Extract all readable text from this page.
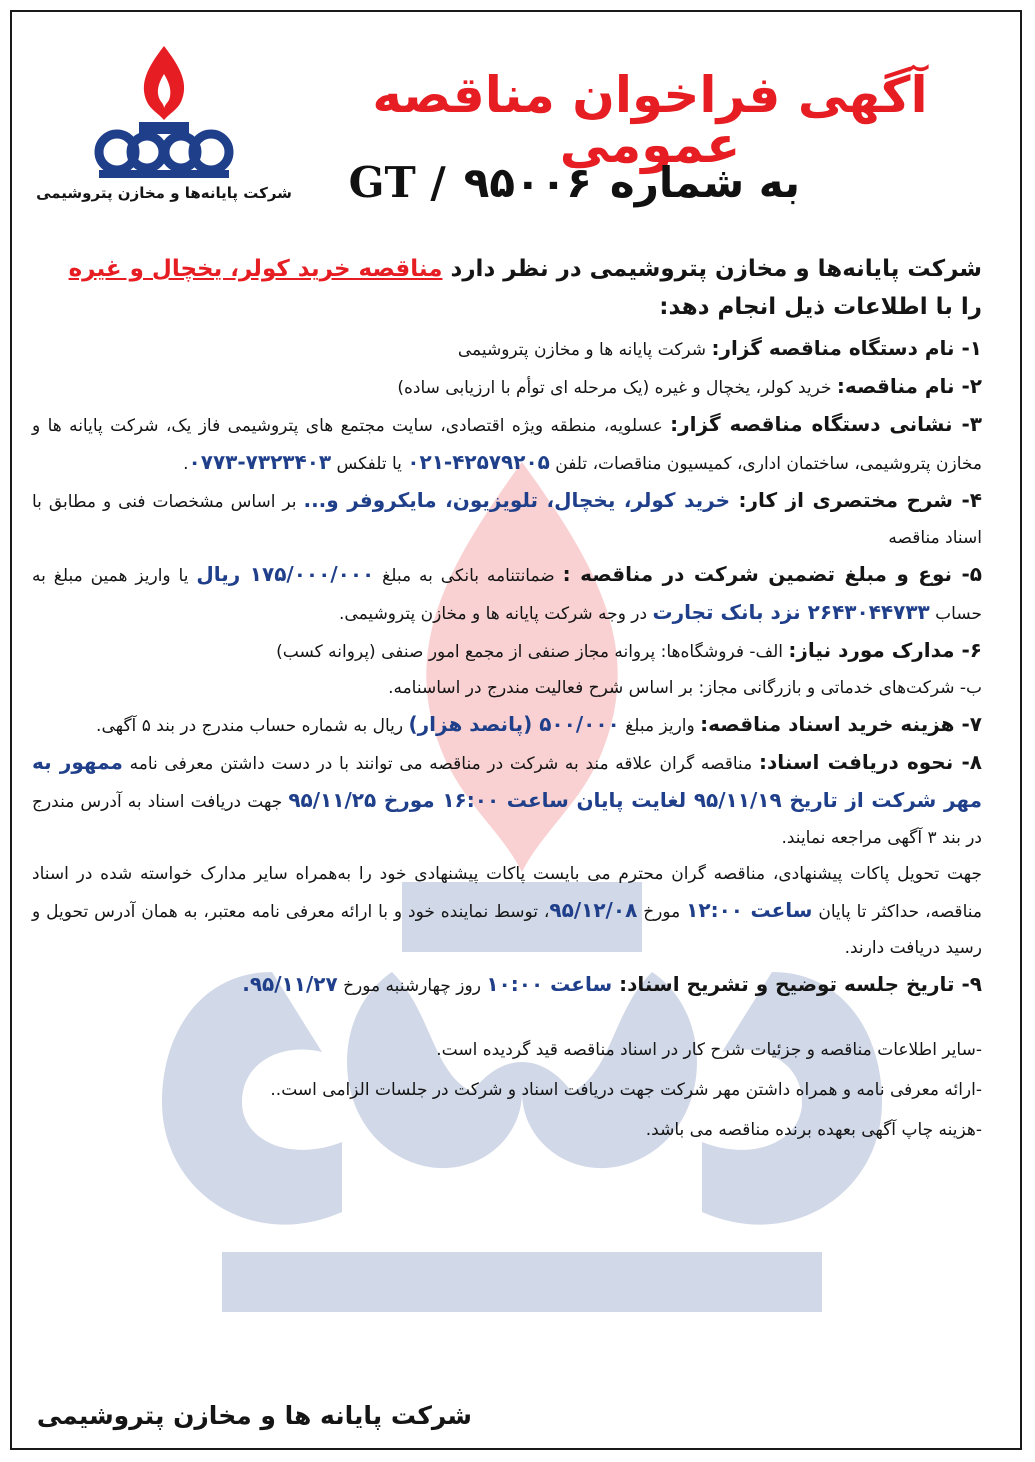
شرکت پایانه‌ها و مخازن پتروشیمی
آگهی فراخوان مناقصه عمومی
به شماره۹۵۰۰۶GT /

شرکت پایانه‌ها و مخازن پتروشیمی در نظر دارد مناقصه خرید کولر، یخچال و غیره
را با اطلاعات ذیل انجام دهد:

۱- نام دستگاه مناقصه گزار: شرکت پایانه ها و مخازن پتروشیمی

۲- نام مناقصه: خرید کولر، یخچال و غیره (یک مرحله ای توأم با ارزیابی ساده)

۳- نشانی دستگاه مناقصه گزار: عسلویه، منطقه ویژه اقتصادی، سایت مجتمع های پتروشیمی فاز یک، شرکت پایانه ها و مخازن پتروشیمی، ساختمان اداری، کمیسیون مناقصات، تلفن ۰۲۱-۴۲۵۷۹۲۰۵ یا تلفکس ۰۷۷۳-۷۳۲۳۴۰۳.

۴- شرح مختصری از کار: خرید کولر، یخچال، تلویزیون، مایکروفر و... بر اساس مشخصات فنی و مطابق با اسناد مناقصه

۵- نوع و مبلغ تضمین شرکت در مناقصه : ضمانتنامه بانکی به مبلغ ۱۷۵/۰۰۰/۰۰۰ ریال یا واریز همین مبلغ به حساب ۲۶۴۳۰۴۴۷۳۳ نزد بانک تجارت در وجه شرکت پایانه ها و مخازن پتروشیمی.

۶- مدارک مورد نیاز: الف- فروشگاه‌ها: پروانه مجاز صنفی از مجمع امور صنفی (پروانه کسب)
ب- شرکت‌های خدماتی و بازرگانی مجاز: بر اساس شرح فعالیت مندرج در اساسنامه.

۷- هزینه خرید اسناد مناقصه: واریز مبلغ ۵۰۰/۰۰۰ (پانصد هزار) ریال به شماره حساب مندرج در بند ۵ آگهی.

۸- نحوه دریافت اسناد: مناقصه گران علاقه مند به شرکت در مناقصه می توانند با در دست داشتن معرفی نامه ممهور به مهر شرکت از تاریخ ۹۵/۱۱/۱۹ لغایت پایان ساعت ۱۶:۰۰ مورخ ۹۵/۱۱/۲۵ جهت دریافت اسناد به آدرس مندرج در بند ۳ آگهی مراجعه نمایند.

جهت تحویل پاکات پیشنهادی، مناقصه گران محترم می بایست پاکات پیشنهادی خود را به‌همراه سایر مدارک خواسته شده در اسناد مناقصه، حداکثر تا پایان ساعت ۱۲:۰۰ مورخ ۹۵/۱۲/۰۸، توسط نماینده خود و با ارائه معرفی نامه معتبر، به همان آدرس تحویل و رسید دریافت دارند.

۹- تاریخ جلسه توضیح و تشریح اسناد: ساعت ۱۰:۰۰ روز چهارشنبه مورخ ۹۵/۱۱/۲۷.

-سایر اطلاعات مناقصه و جزئیات شرح کار در اسناد مناقصه قید گردیده است.

-ارائه معرفی نامه و همراه داشتن مهر شرکت جهت دریافت اسناد و شرکت در جلسات الزامی است..

-هزینه چاپ آگهی بعهده برنده مناقصه می باشد.

شرکت پایانه ها و مخازن پتروشیمی
